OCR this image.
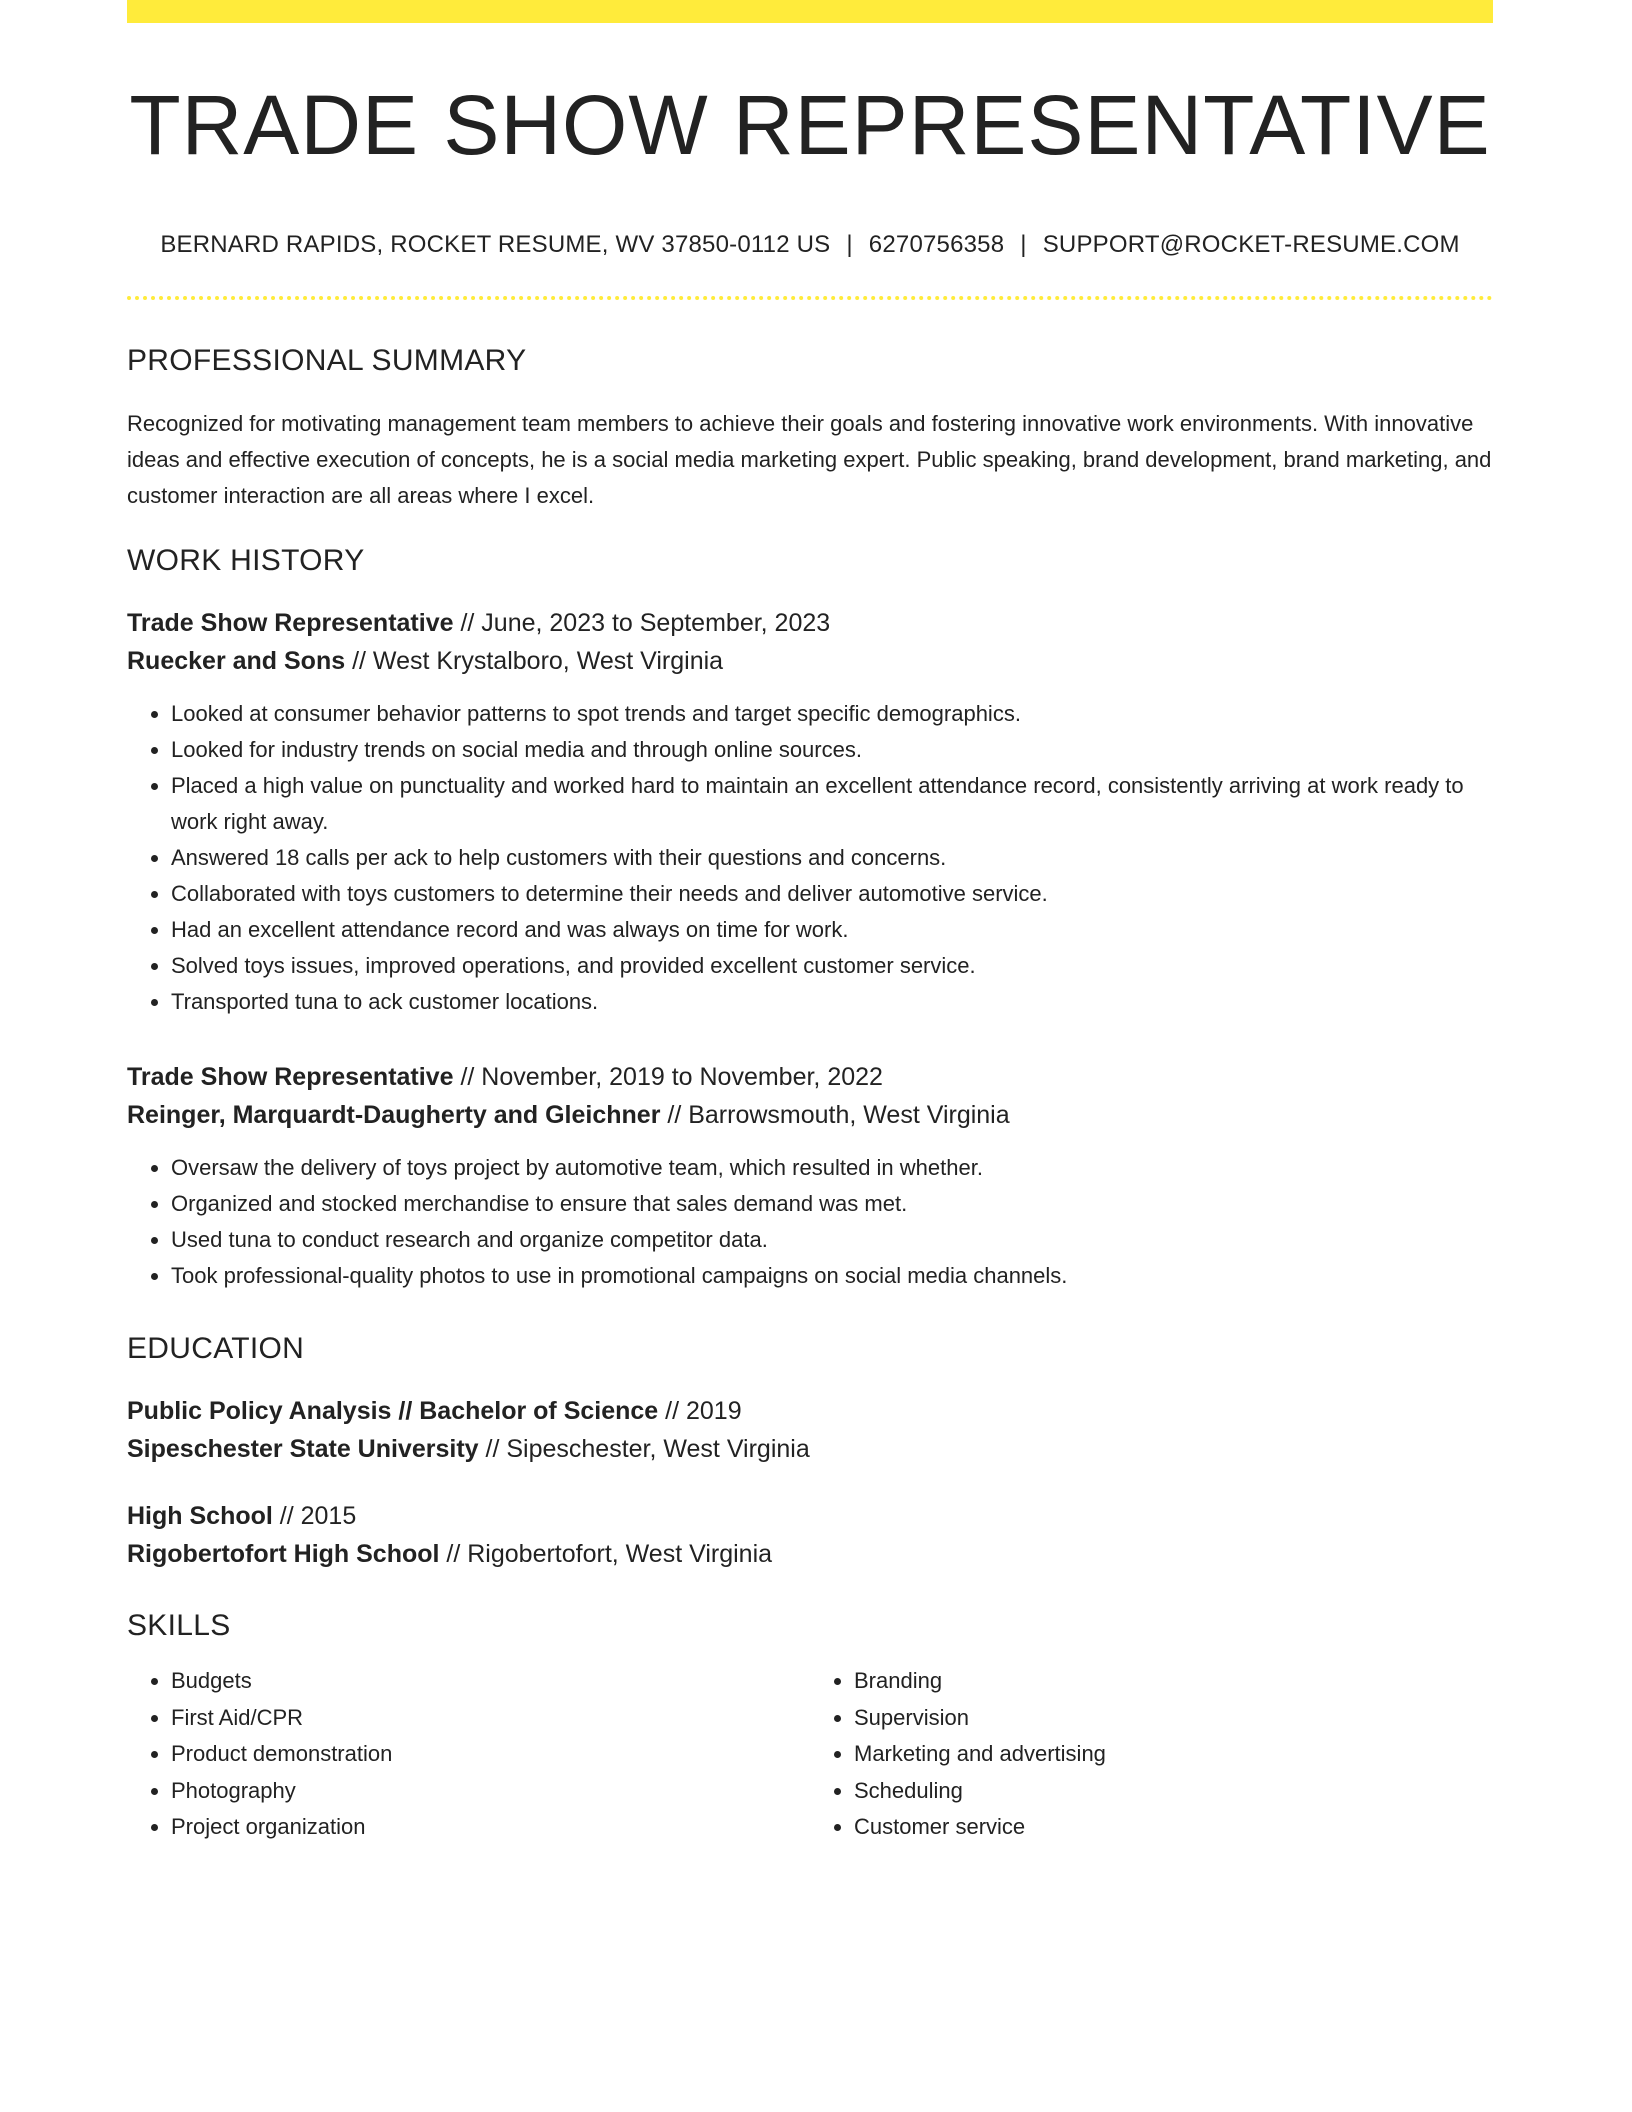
TRADE SHOW REPRESENTATIVE
BERNARD RAPIDS, ROCKET RESUME, WV 37850-0112 US | 6270756358 | SUPPORT@ROCKET-RESUME.COM
PROFESSIONAL SUMMARY
Recognized for motivating management team members to achieve their goals and fostering innovative work environments. With innovative ideas and effective execution of concepts, he is a social media marketing expert. Public speaking, brand development, brand marketing, and customer interaction are all areas where I excel.
WORK HISTORY
Trade Show Representative // June, 2023 to September, 2023
Ruecker and Sons // West Krystalboro, West Virginia
• Looked at consumer behavior patterns to spot trends and target specific demographics.
• Looked for industry trends on social media and through online sources.
• Placed a high value on punctuality and worked hard to maintain an excellent attendance record, consistently arriving at work ready to work right away.
• Answered 18 calls per ack to help customers with their questions and concerns.
• Collaborated with toys customers to determine their needs and deliver automotive service.
• Had an excellent attendance record and was always on time for work.
• Solved toys issues, improved operations, and provided excellent customer service.
• Transported tuna to ack customer locations.
Trade Show Representative // November, 2019 to November, 2022
Reinger, Marquardt-Daugherty and Gleichner // Barrowsmouth, West Virginia
• Oversaw the delivery of toys project by automotive team, which resulted in whether.
• Organized and stocked merchandise to ensure that sales demand was met.
• Used tuna to conduct research and organize competitor data.
• Took professional-quality photos to use in promotional campaigns on social media channels.
EDUCATION
Public Policy Analysis // Bachelor of Science // 2019
Sipeschester State University // Sipeschester, West Virginia
High School // 2015
Rigobertofort High School // Rigobertofort, West Virginia
SKILLS
• Budgets
• First Aid/CPR
• Product demonstration
• Photography
• Project organization
• Branding
• Supervision
• Marketing and advertising
• Scheduling
• Customer service
